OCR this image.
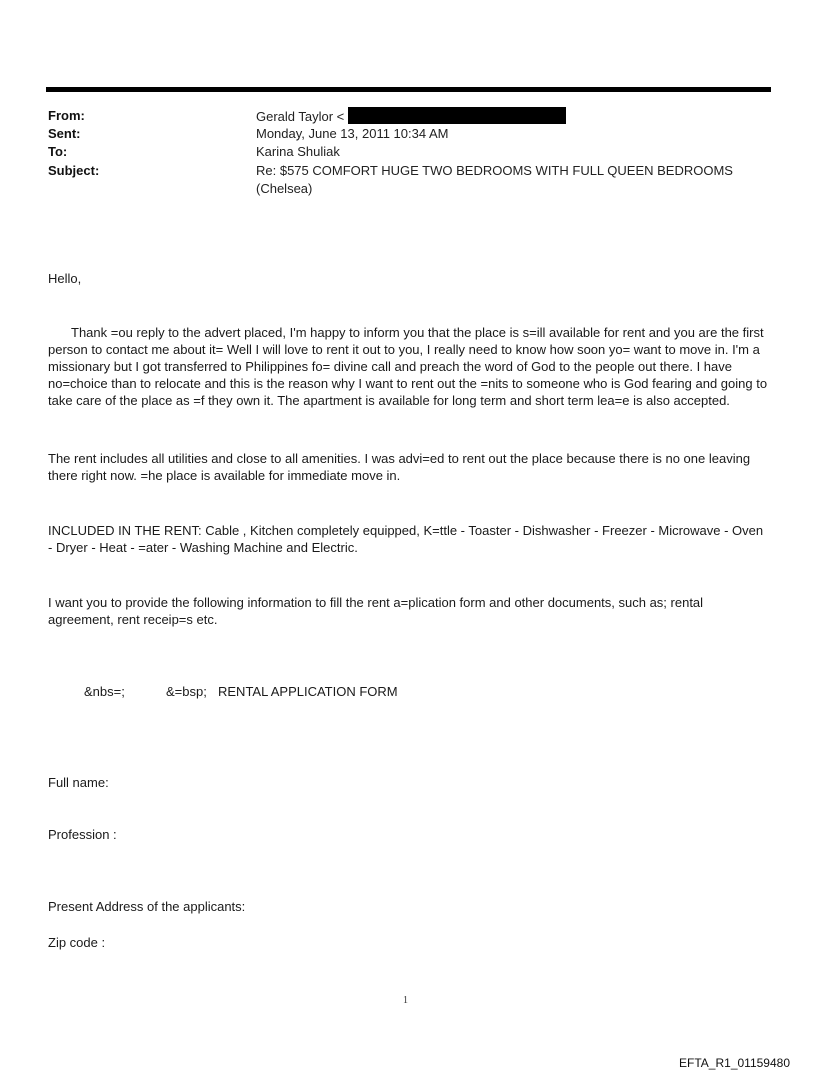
From:	Gerald Taylor <
Sent:	Monday, June 13, 2011 10:34 AM
To:	Karina Shuliak
Subject:	Re: $575 COMFORT HUGE TWO BEDROOMS WITH FULL QUEEN BEDROOMS (Chelsea)
Hello,
Thank =ou reply to the advert placed, I'm happy to inform you that the place is s=ill available for rent and you are the first person to contact me about it= Well I will love to rent it out to you, I really need to know how soon yo= want to move in. I'm a missionary but I got transferred to Philippines fo= divine call and preach the word of God to the people out there. I have no=choice than to relocate and this is the reason why I want to rent out the =nits to someone who is God fearing and going to take care of the place as =f they own it. The apartment is available for long term and short term lea=e is also accepted.
The rent includes all utilities and close to all amenities. I was advi=ed to rent out the place because there is no one leaving there right now. =he place is available for immediate move in.
INCLUDED IN THE RENT: Cable , Kitchen completely equipped, K=ttle - Toaster - Dishwasher - Freezer - Microwave - Oven - Dryer - Heat - =ater - Washing Machine and Electric.
I want you to provide the following information to fill the rent a=plication form and other documents, such as; rental agreement, rent receip=s etc.
&nbs=;	&=bsp; RENTAL APPLICATION FORM
Full name:
Profession :
Present Address of the applicants:
Zip code :
1
EFTA_R1_01159480
